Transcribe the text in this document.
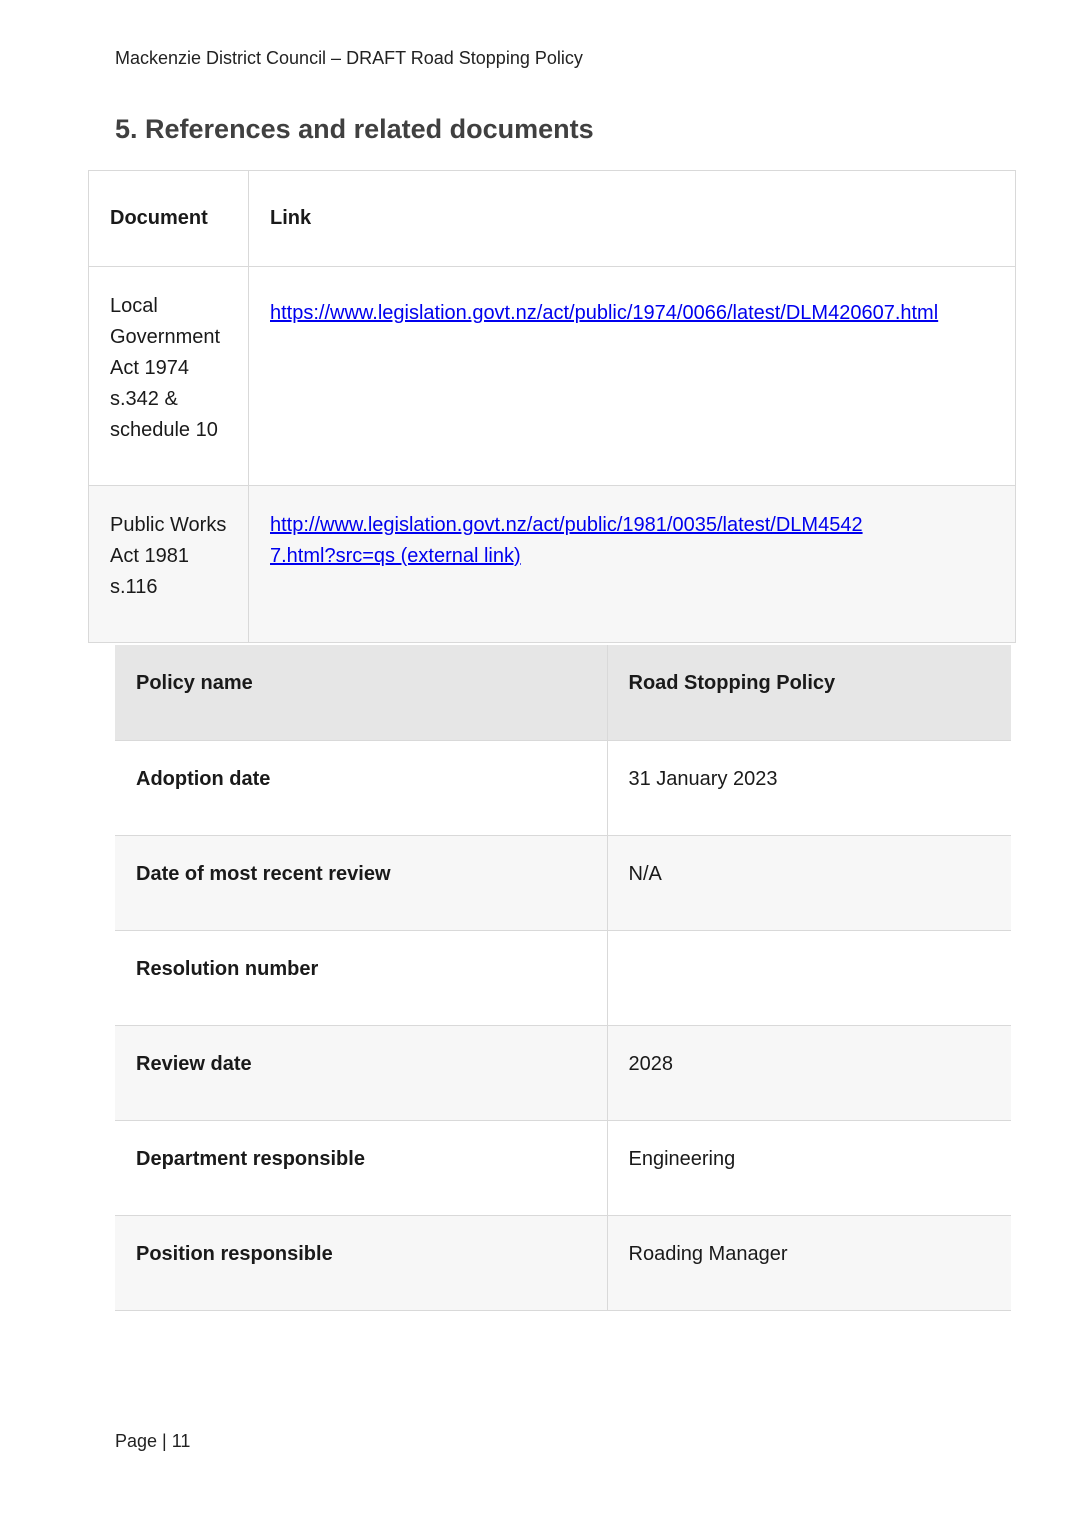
Mackenzie District Council – DRAFT Road Stopping Policy
5. References and related documents
Document	Link
Local Government Act 1974 s.342 & schedule 10	https://www.legislation.govt.nz/act/public/1974/0066/latest/DLM420607.html
Public Works Act 1981 s.116	http://www.legislation.govt.nz/act/public/1981/0035/latest/DLM45427.html?src=qs (external link)
Policy name	Road Stopping Policy
Adoption date	31 January 2023
Date of most recent review	N/A
Resolution number	
Review date	2028
Department responsible	Engineering
Position responsible	Roading Manager
Page | 11
